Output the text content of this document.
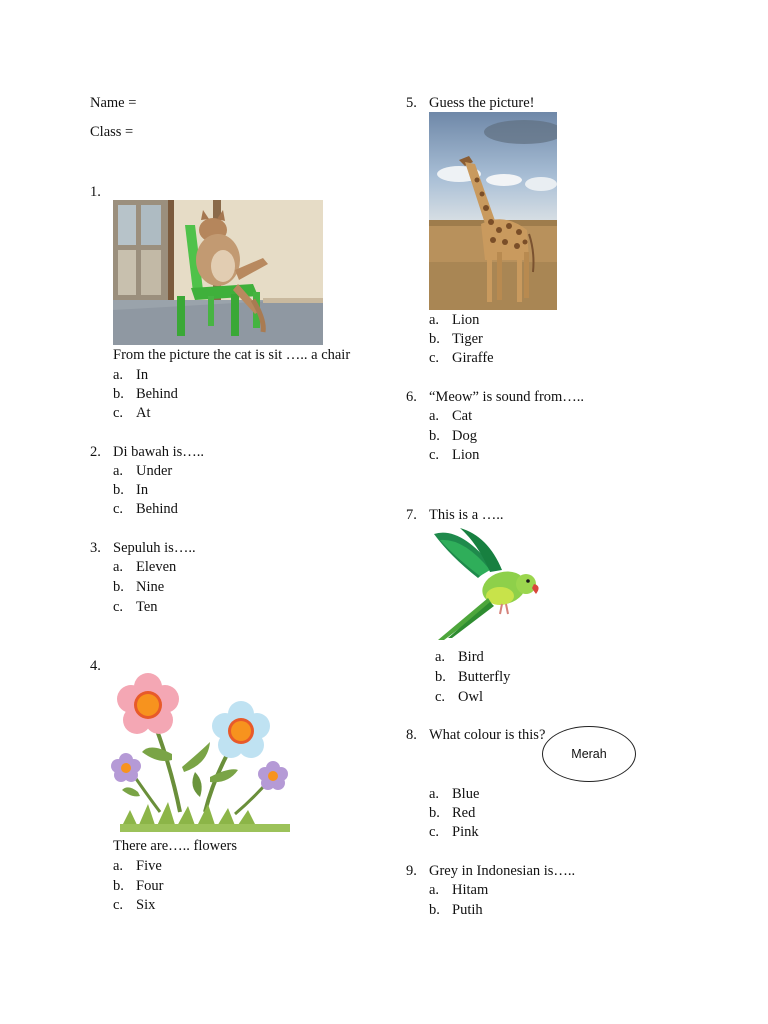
Name =
Class =
1.
From the picture the cat is sit ….. a chair
a. In
b. Behind
c. At
2. Di bawah is…..
a. Under
b. In
c. Behind
3. Sepuluh is…..
a. Eleven
b. Nine
c. Ten
4.
There are….. flowers
a. Five
b. Four
c. Six
5. Guess the picture!
a. Lion
b. Tiger
c. Giraffe
6. “Meow” is sound from…..
a. Cat
b. Dog
c. Lion
7. This is a …..
a. Bird
b. Butterfly
c. Owl
8. What colour is this?
Merah
a. Blue
b. Red
c. Pink
9. Grey in Indonesian is…..
a. Hitam
b. Putih
